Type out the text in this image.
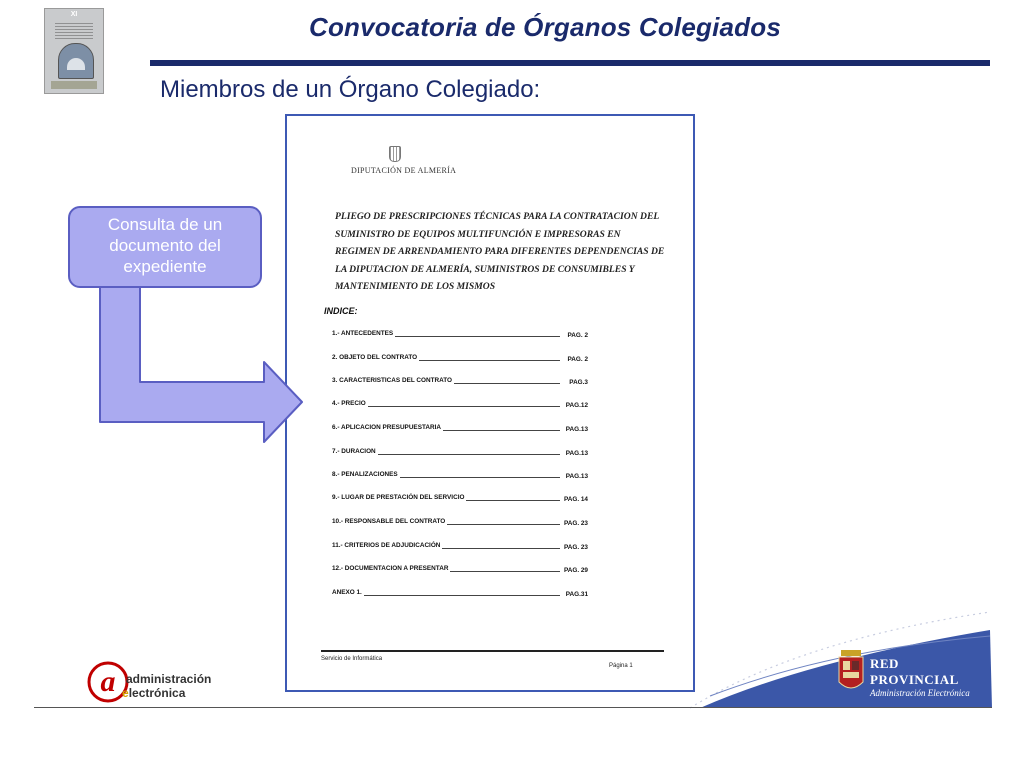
XI	Convocatoria de Órganos Colegiados
Miembros de un Órgano Colegiado:
Consulta de un documento del expediente
DIPUTACIÓN DE ALMERÍA
PLIEGO DE PRESCRIPCIONES TÉCNICAS PARA LA CONTRATACION DEL
SUMINISTRO DE EQUIPOS MULTIFUNCIÓN E IMPRESORAS EN
REGIMEN DE ARRENDAMIENTO PARA DIFERENTES DEPENDENCIAS DE
LA DIPUTACION DE ALMERÍA, SUMINISTROS DE CONSUMIBLES Y
MANTENIMIENTO DE LOS MISMOS
INDICE:
1.- ANTECEDENTES	PAG. 2
2. OBJETO DEL CONTRATO	PAG. 2
3. CARACTERISTICAS DEL CONTRATO	PAG.3
4.- PRECIO	PAG.12
6.- APLICACION PRESUPUESTARIA	PAG.13
7.- DURACION	PAG.13
8.- PENALIZACIONES	PAG.13
9.- LUGAR DE PRESTACIÓN DEL SERVICIO	PAG. 14
10.- RESPONSABLE DEL CONTRATO	PAG. 23
11.- CRITERIOS DE ADJUDICACIÓN	PAG. 23
12.- DOCUMENTACION A PRESENTAR	PAG. 29
ANEXO 1.	PAG.31
Servicio de Informática
Página 1	RED
PROVINCIAL
Administración Electrónica
a administración
electrónica
